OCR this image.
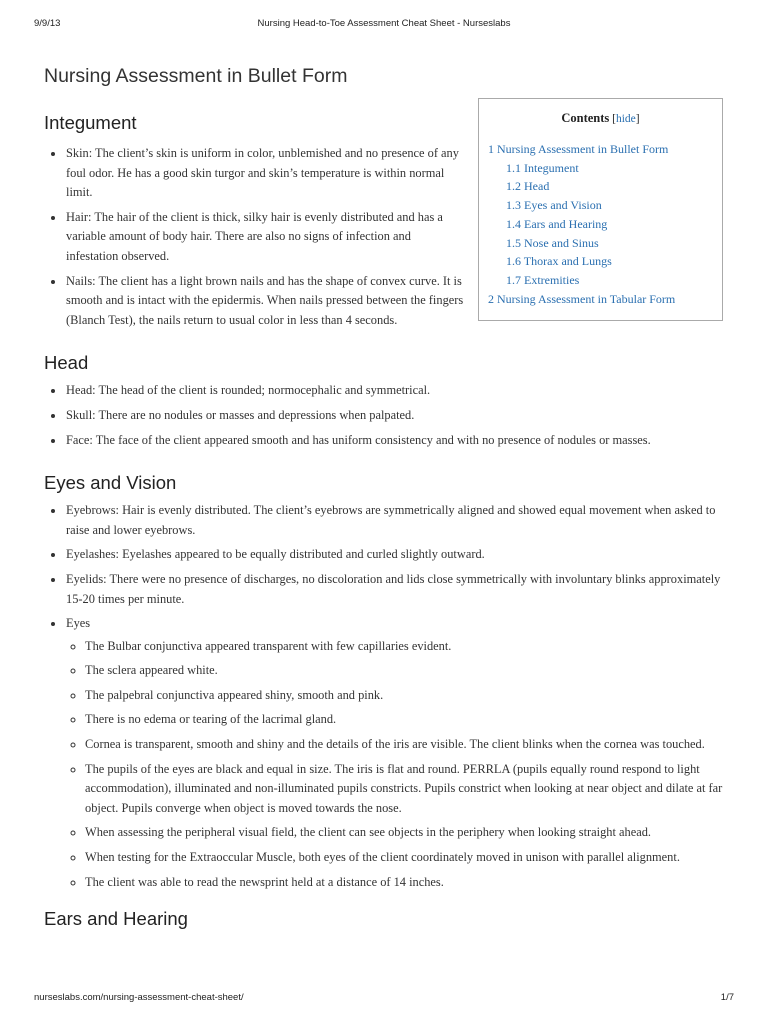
9/9/13	Nursing Head-to-Toe Assessment Cheat Sheet - Nurseslabs
Nursing Assessment in Bullet Form
Integument
• Skin: The client’s skin is uniform in color, unblemished and no presence of any foul odor. He has a good skin turgor and skin’s temperature is within normal limit.
• Hair: The hair of the client is thick, silky hair is evenly distributed and has a variable amount of body hair. There are also no signs of infection and infestation observed.
• Nails: The client has a light brown nails and has the shape of convex curve. It is smooth and is intact with the epidermis. When nails pressed between the fingers (Blanch Test), the nails return to usual color in less than 4 seconds.
Head
• Head: The head of the client is rounded; normocephalic and symmetrical.
• Skull: There are no nodules or masses and depressions when palpated.
• Face: The face of the client appeared smooth and has uniform consistency and with no presence of nodules or masses.
Eyes and Vision
• Eyebrows: Hair is evenly distributed. The client’s eyebrows are symmetrically aligned and showed equal movement when asked to raise and lower eyebrows.
• Eyelashes: Eyelashes appeared to be equally distributed and curled slightly outward.
• Eyelids: There were no presence of discharges, no discoloration and lids close symmetrically with involuntary blinks approximately 15-20 times per minute.
• Eyes
◦ The Bulbar conjunctiva appeared transparent with few capillaries evident.
◦ The sclera appeared white.
◦ The palpebral conjunctiva appeared shiny, smooth and pink.
◦ There is no edema or tearing of the lacrimal gland.
◦ Cornea is transparent, smooth and shiny and the details of the iris are visible. The client blinks when the cornea was touched.
◦ The pupils of the eyes are black and equal in size. The iris is flat and round. PERRLA (pupils equally round respond to light accommodation), illuminated and non-illuminated pupils constricts. Pupils constrict when looking at near object and dilate at far object. Pupils converge when object is moved towards the nose.
◦ When assessing the peripheral visual field, the client can see objects in the periphery when looking straight ahead.
◦ When testing for the Extraoccular Muscle, both eyes of the client coordinately moved in unison with parallel alignment.
◦ The client was able to read the newsprint held at a distance of 14 inches.
Ears and Hearing
Contents [hide]
1 Nursing Assessment in Bullet Form
1.1 Integument
1.2 Head
1.3 Eyes and Vision
1.4 Ears and Hearing
1.5 Nose and Sinus
1.6 Thorax and Lungs
1.7 Extremities
2 Nursing Assessment in Tabular Form
nurseslabs.com/nursing-assessment-cheat-sheet/	1/7
